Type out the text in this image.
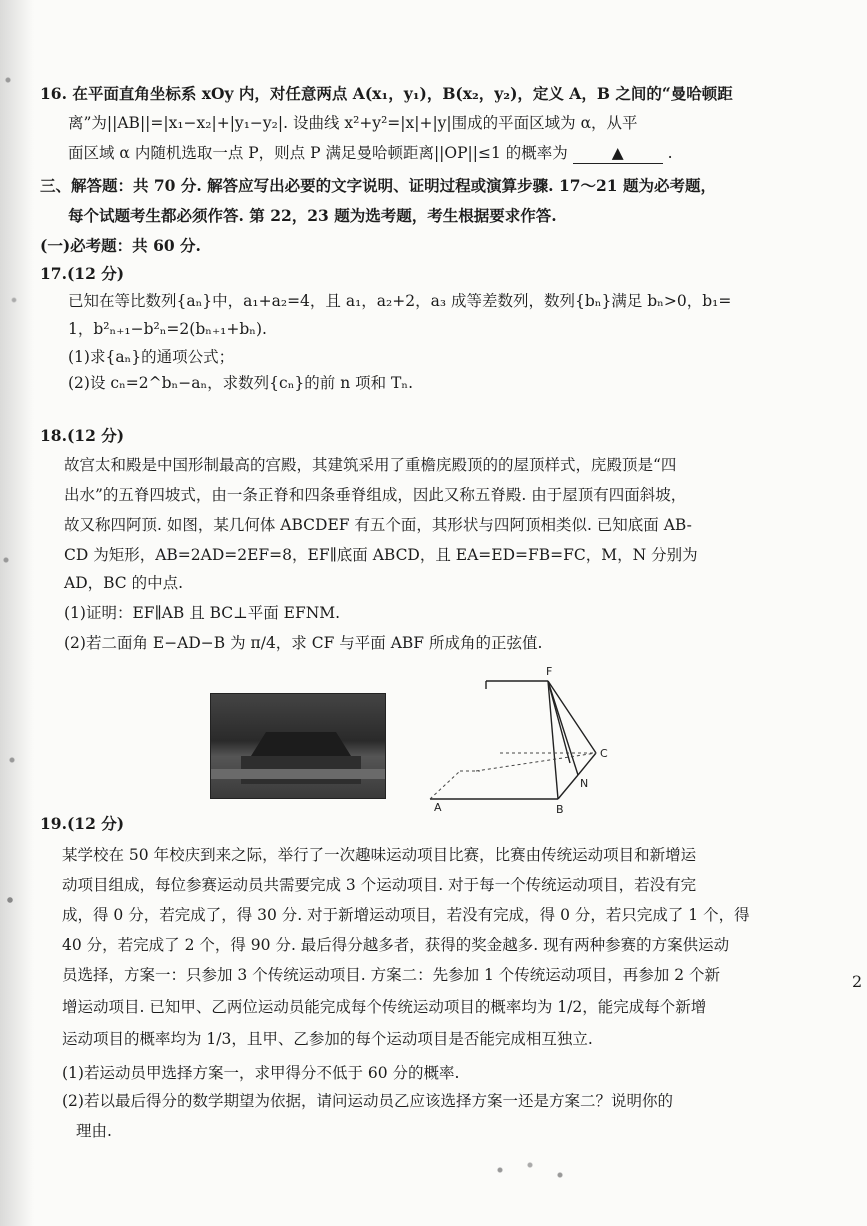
16. 在平面直角坐标系 xOy 内，对任意两点 A(x₁，y₁)，B(x₂，y₂)，定义 A，B 之间的“曼哈顿距
离”为||AB||=|x₁−x₂|+|y₁−y₂|. 设曲线 x²+y²=|x|+|y|围成的平面区域为 α，从平
面区域 α 内随机选取一点 P，则点 P 满足曼哈顿距离||OP||≤1 的概率为	▲	.
三、解答题：共 70 分. 解答应写出必要的文字说明、证明过程或演算步骤. 17～21 题为必考题，
每个试题考生都必须作答. 第 22，23 题为选考题，考生根据要求作答.
(一)必考题：共 60 分.
17.(12 分)
已知在等比数列{aₙ}中，a₁+a₂=4，且 a₁，a₂+2，a₃ 成等差数列，数列{bₙ}满足 bₙ>0，b₁=
1，b²ₙ₊₁−b²ₙ=2(bₙ₊₁+bₙ).
(1)求{aₙ}的通项公式；
(2)设 cₙ=2^bₙ−aₙ，求数列{cₙ}的前 n 项和 Tₙ.
18.(12 分)
故宫太和殿是中国形制最高的宫殿，其建筑采用了重檐庑殿顶的的屋顶样式，庑殿顶是“四
出水”的五脊四坡式，由一条正脊和四条垂脊组成，因此又称五脊殿. 由于屋顶有四面斜坡，
故又称四阿顶. 如图，某几何体 ABCDEF 有五个面，其形状与四阿顶相类似. 已知底面 AB-
CD 为矩形，AB=2AD=2EF=8，EF∥底面 ABCD，且 EA=ED=FB=FC，M，N 分别为
AD，BC 的中点.
(1)证明：EF∥AB 且 BC⊥平面 EFNM.
(2)若二面角 E−AD−B 为 π/4，求 CF 与平面 ABF 所成角的正弦值.
F
C
N
A	B
19.(12 分)
某学校在 50 年校庆到来之际，举行了一次趣味运动项目比赛，比赛由传统运动项目和新增运
动项目组成，每位参赛运动员共需要完成 3 个运动项目. 对于每一个传统运动项目，若没有完
成，得 0 分，若完成了，得 30 分. 对于新增运动项目，若没有完成，得 0 分，若只完成了 1 个，得
40 分，若完成了 2 个，得 90 分. 最后得分越多者，获得的奖金越多. 现有两种参赛的方案供运动
员选择，方案一：只参加 3 个传统运动项目. 方案二：先参加 1 个传统运动项目，再参加 2 个新
增运动项目. 已知甲、乙两位运动员能完成每个传统运动项目的概率均为 1/2，能完成每个新增
运动项目的概率均为 1/3，且甲、乙参加的每个运动项目是否能完成相互独立.
(1)若运动员甲选择方案一，求甲得分不低于 60 分的概率.
(2)若以最后得分的数学期望为依据，请问运动员乙应该选择方案一还是方案二？说明你的
理由.
2
